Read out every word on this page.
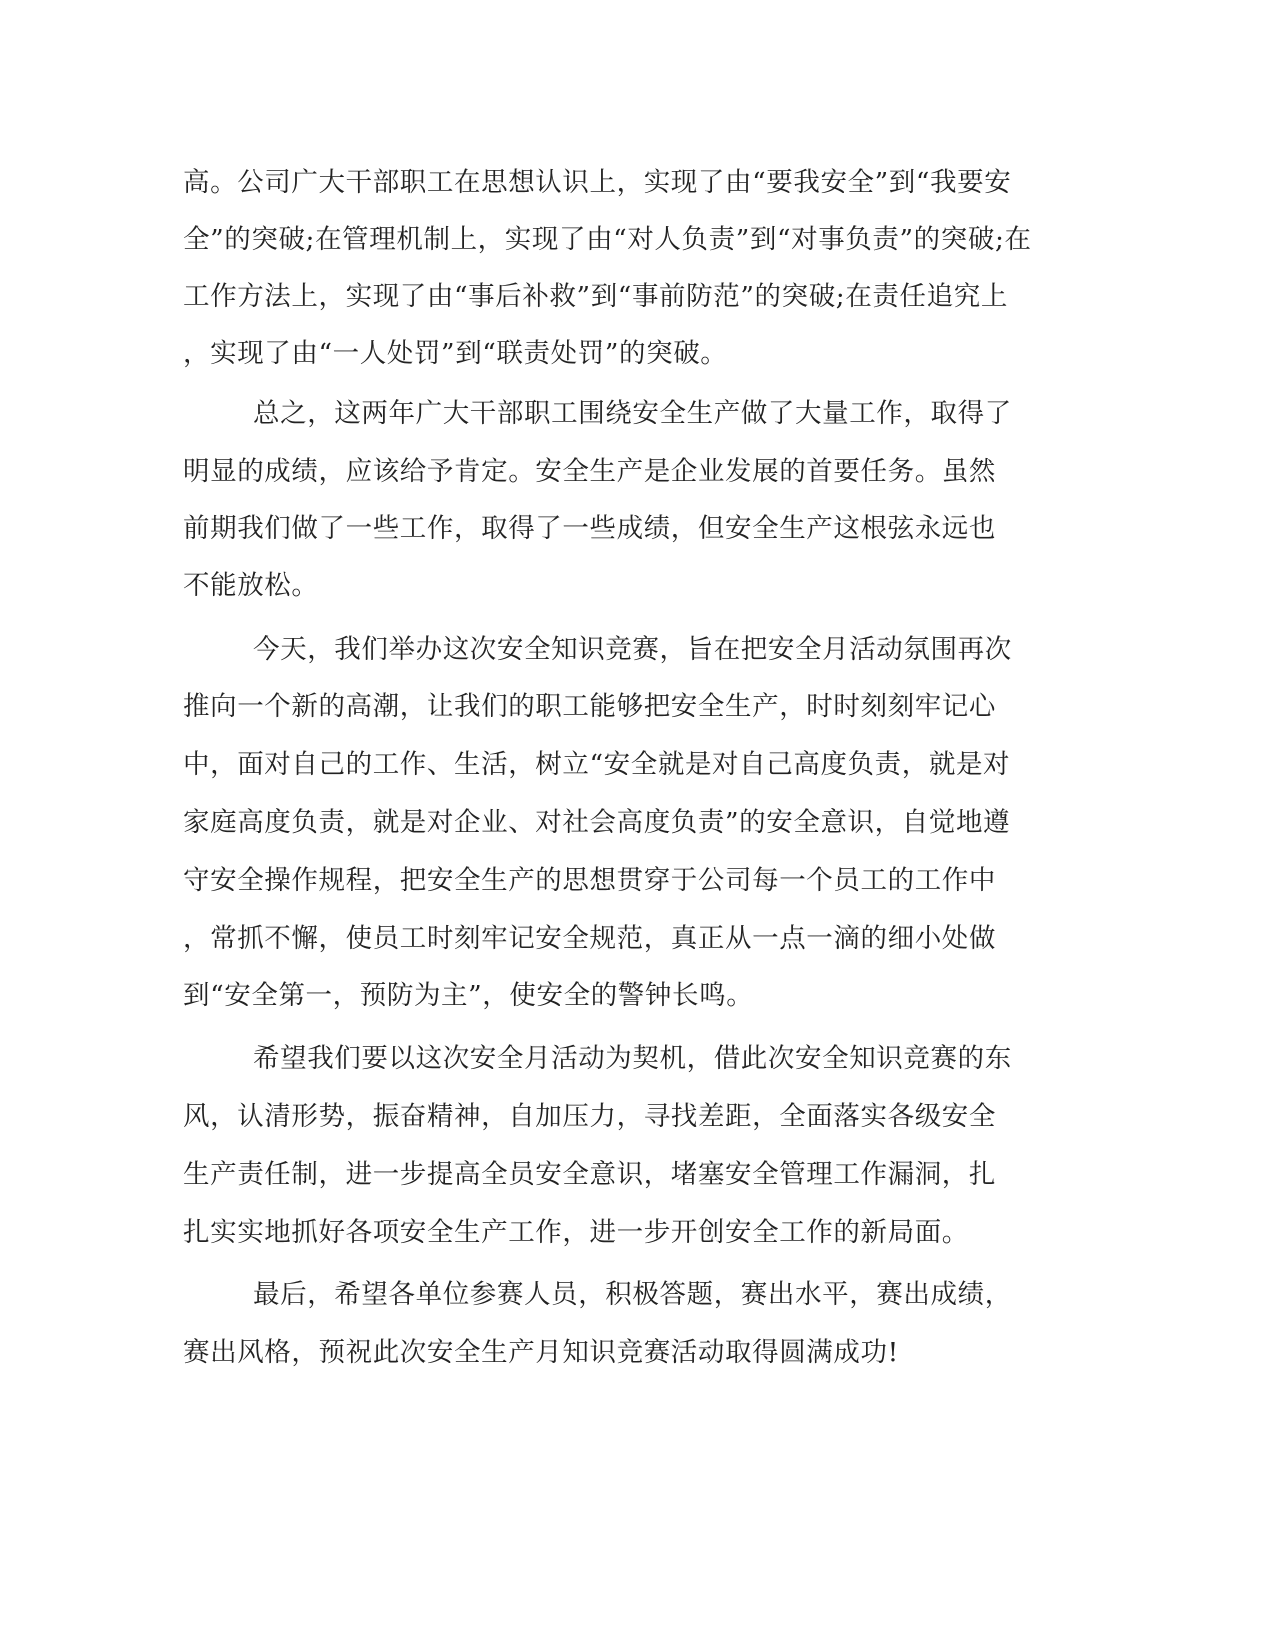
高。公司广大干部职工在思想认识上，实现了由“要我安全”到“我要安

全”的突破;在管理机制上，实现了由“对人负责”到“对事负责”的突破;在

工作方法上，实现了由“事后补救”到“事前防范”的突破;在责任追究上

，实现了由“一人处罚”到“联责处罚”的突破。

总之，这两年广大干部职工围绕安全生产做了大量工作，取得了

明显的成绩，应该给予肯定。安全生产是企业发展的首要任务。虽然

前期我们做了一些工作，取得了一些成绩，但安全生产这根弦永远也

不能放松。

今天，我们举办这次安全知识竞赛，旨在把安全月活动氛围再次

推向一个新的高潮，让我们的职工能够把安全生产，时时刻刻牢记心

中，面对自己的工作、生活，树立“安全就是对自己高度负责，就是对

家庭高度负责，就是对企业、对社会高度负责”的安全意识，自觉地遵

守安全操作规程，把安全生产的思想贯穿于公司每一个员工的工作中

，常抓不懈，使员工时刻牢记安全规范，真正从一点一滴的细小处做

到“安全第一，预防为主”，使安全的警钟长鸣。

希望我们要以这次安全月活动为契机，借此次安全知识竞赛的东

风，认清形势，振奋精神，自加压力，寻找差距，全面落实各级安全

生产责任制，进一步提高全员安全意识，堵塞安全管理工作漏洞，扎

扎实实地抓好各项安全生产工作，进一步开创安全工作的新局面。

最后，希望各单位参赛人员，积极答题，赛出水平，赛出成绩，

赛出风格，预祝此次安全生产月知识竞赛活动取得圆满成功!
